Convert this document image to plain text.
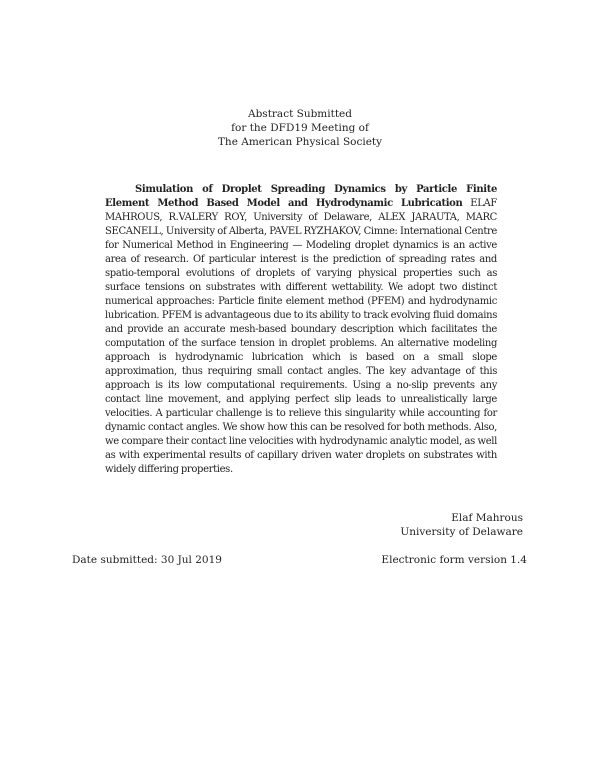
Abstract Submitted
for the DFD19 Meeting of
The American Physical Society
Simulation of Droplet Spreading Dynamics by Particle Finite Element Method Based Model and Hydrodynamic Lubrication ELAF MAHROUS, R.VALERY ROY, University of Delaware, ALEX JARAUTA, MARC SECANELL, University of Alberta, PAVEL RYZHAKOV, Cimne: International Centre for Numerical Method in Engineering — Modeling droplet dynamics is an active area of research. Of particular interest is the prediction of spreading rates and spatio-temporal evolutions of droplets of varying physical properties such as surface tensions on substrates with different wettability. We adopt two distinct numerical approaches: Particle finite element method (PFEM) and hydrodynamic lubrication. PFEM is advantageous due to its ability to track evolving fluid domains and provide an accurate mesh-based boundary description which facilitates the computation of the surface tension in droplet problems. An alternative modeling approach is hydrodynamic lubrication which is based on a small slope approximation, thus requiring small contact angles. The key advantage of this approach is its low computational requirements. Using a no-slip prevents any contact line movement, and applying perfect slip leads to unrealistically large velocities. A particular challenge is to relieve this singularity while accounting for dynamic contact angles. We show how this can be resolved for both methods. Also, we compare their contact line velocities with hydrodynamic analytic model, as well as with experimental results of capillary driven water droplets on substrates with widely differing properties.
Elaf Mahrous
University of Delaware
Date submitted: 30 Jul 2019	Electronic form version 1.4
